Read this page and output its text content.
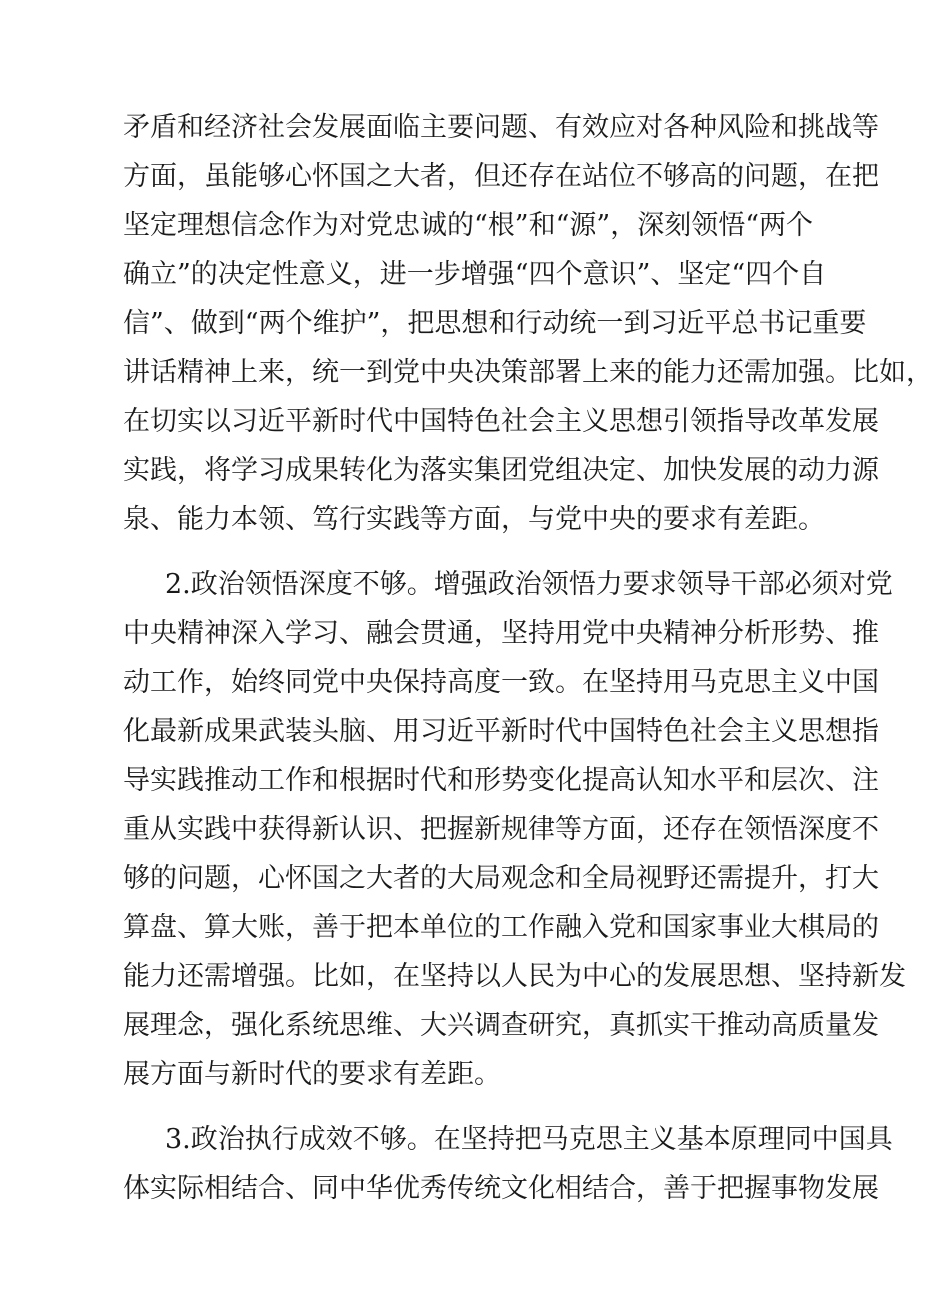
矛盾和经济社会发展面临主要问题、有效应对各种风险和挑战等
方面，虽能够心怀国之大者，但还存在站位不够高的问题，在把
坚定理想信念作为对党忠诚的“根”和“源”，深刻领悟“两个
确立”的决定性意义，进一步增强“四个意识”、坚定“四个自
信”、做到“两个维护”，把思想和行动统一到习近平总书记重要
讲话精神上来，统一到党中央决策部署上来的能力还需加强。比如，
在切实以习近平新时代中国特色社会主义思想引领指导改革发展
实践，将学习成果转化为落实集团党组决定、加快发展的动力源
泉、能力本领、笃行实践等方面，与党中央的要求有差距。
2.政治领悟深度不够。增强政治领悟力要求领导干部必须对党
中央精神深入学习、融会贯通，坚持用党中央精神分析形势、推
动工作，始终同党中央保持高度一致。在坚持用马克思主义中国
化最新成果武装头脑、用习近平新时代中国特色社会主义思想指
导实践推动工作和根据时代和形势变化提高认知水平和层次、注
重从实践中获得新认识、把握新规律等方面，还存在领悟深度不
够的问题，心怀国之大者的大局观念和全局视野还需提升，打大
算盘、算大账，善于把本单位的工作融入党和国家事业大棋局的
能力还需增强。比如，在坚持以人民为中心的发展思想、坚持新发
展理念，强化系统思维、大兴调查研究，真抓实干推动高质量发
展方面与新时代的要求有差距。
3.政治执行成效不够。在坚持把马克思主义基本原理同中国具
体实际相结合、同中华优秀传统文化相结合，善于把握事物发展
